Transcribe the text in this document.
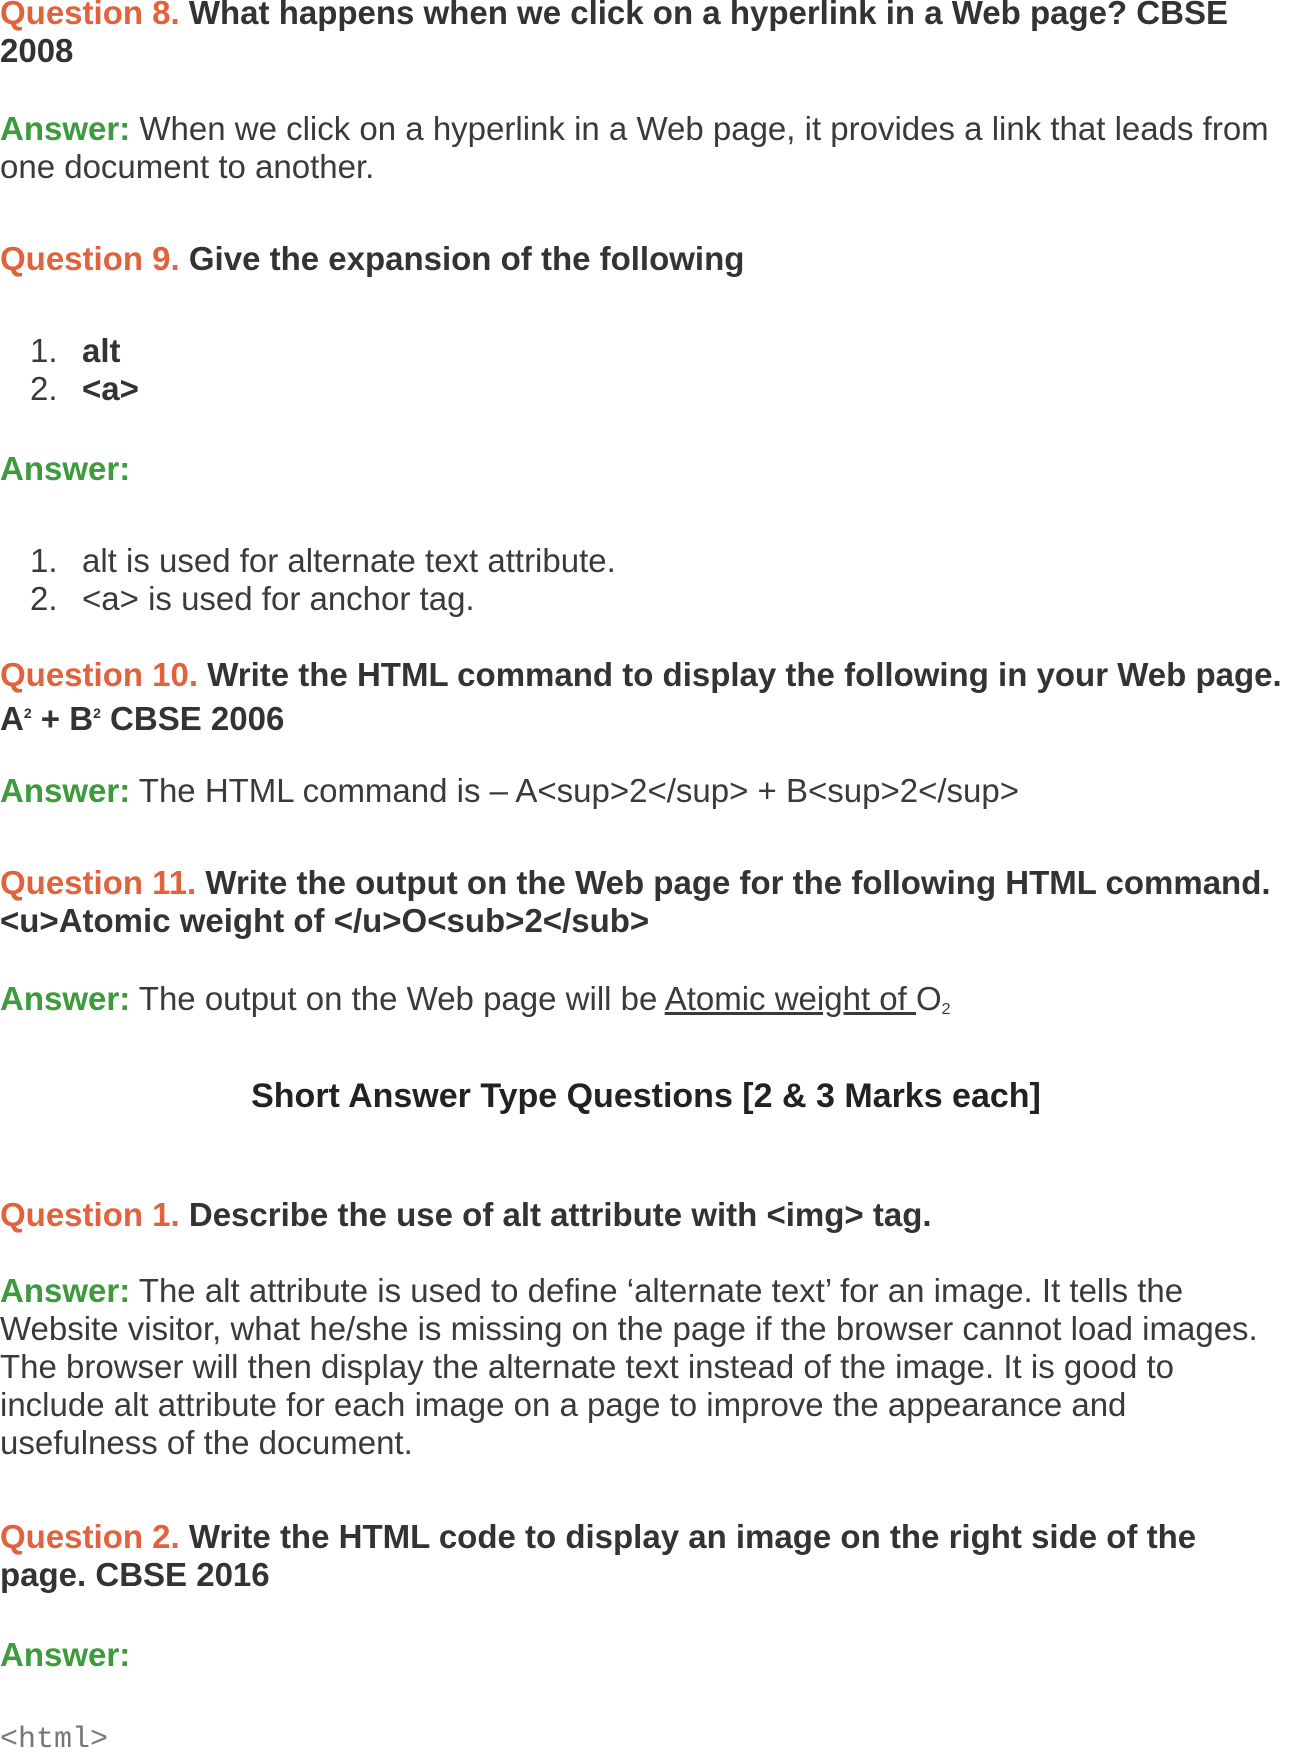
Question 8. What happens when we click on a hyperlink in a Web page? CBSE
2008
Answer: When we click on a hyperlink in a Web page, it provides a link that leads from
one document to another.
Question 9. Give the expansion of the following
1. alt
2. <a>
Answer:
1. alt is used for alternate text attribute.
2. <a> is used for anchor tag.
Question 10. Write the HTML command to display the following in your Web page.
$A^2 + B^2$ CBSE 2006
Answer: The HTML command is – A<sup>2</sup> + B<sup>2</sup>
Question 11. Write the output on the Web page for the following HTML command.
<u>Atomic weight of </u>O<sub>2</sub>
Answer: The output on the Web page will be Atomic weight of $O_2$
Short Answer Type Questions [2 & 3 Marks each]
Question 1. Describe the use of alt attribute with <img> tag.
Answer: The alt attribute is used to define ‘alternate text’ for an image. It tells the
Website visitor, what he/she is missing on the page if the browser cannot load images.
The browser will then display the alternate text instead of the image. It is good to
include alt attribute for each image on a page to improve the appearance and
usefulness of the document.
Question 2. Write the HTML code to display an image on the right side of the
page. CBSE 2016
Answer:
<html>
